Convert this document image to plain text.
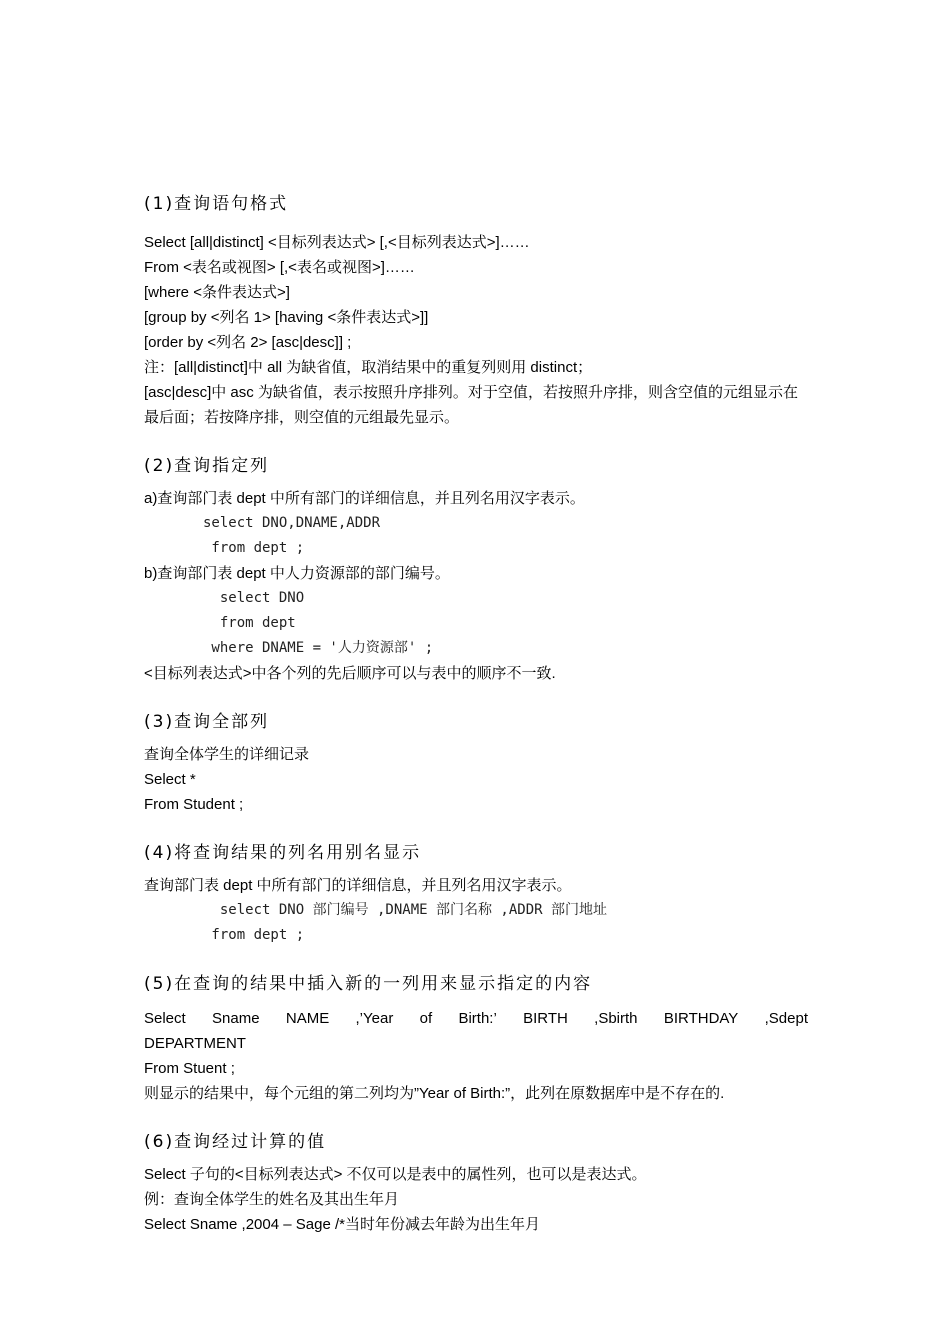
(1)查询语句格式
Select [all|distinct] <目标列表达式> [,<目标列表达式>]……
From <表名或视图> [,<表名或视图>]……
[where <条件表达式>]
[group by <列名 1> [having <条件表达式>]]
[order by <列名 2> [asc|desc]] ;
注：[all|distinct]中 all 为缺省值，取消结果中的重复列则用 distinct；
[asc|desc]中 asc 为缺省值，表示按照升序排列。对于空值，若按照升序排，则含空值的元组显示在最后面；若按降序排，则空值的元组最先显示。
(2)查询指定列
a)查询部门表 dept 中所有部门的详细信息，并且列名用汉字表示。
select DNO,DNAME,ADDR
from dept ;
b)查询部门表 dept 中人力资源部的部门编号。
select DNO
from dept
where DNAME = '人力资源部' ;
<目标列表达式>中各个列的先后顺序可以与表中的顺序不一致.
(3)查询全部列
查询全体学生的详细记录
Select *
From Student ;
(4)将查询结果的列名用别名显示
查询部门表 dept 中所有部门的详细信息，并且列名用汉字表示。
select DNO 部门编号 ,DNAME 部门名称 ,ADDR 部门地址
from dept ;
(5)在查询的结果中插入新的一列用来显示指定的内容
Select Sname NAME ,’Year of Birth:’ BIRTH ,Sbirth BIRTHDAY ,Sdept
DEPARTMENT
From Stuent ;
则显示的结果中，每个元组的第二列均为”Year of Birth:”，此列在原数据库中是不存在的.
(6)查询经过计算的值
Select 子句的<目标列表达式> 不仅可以是表中的属性列，也可以是表达式。
例：查询全体学生的姓名及其出生年月
Select Sname ,2004 – Sage /*当时年份减去年龄为出生年月
